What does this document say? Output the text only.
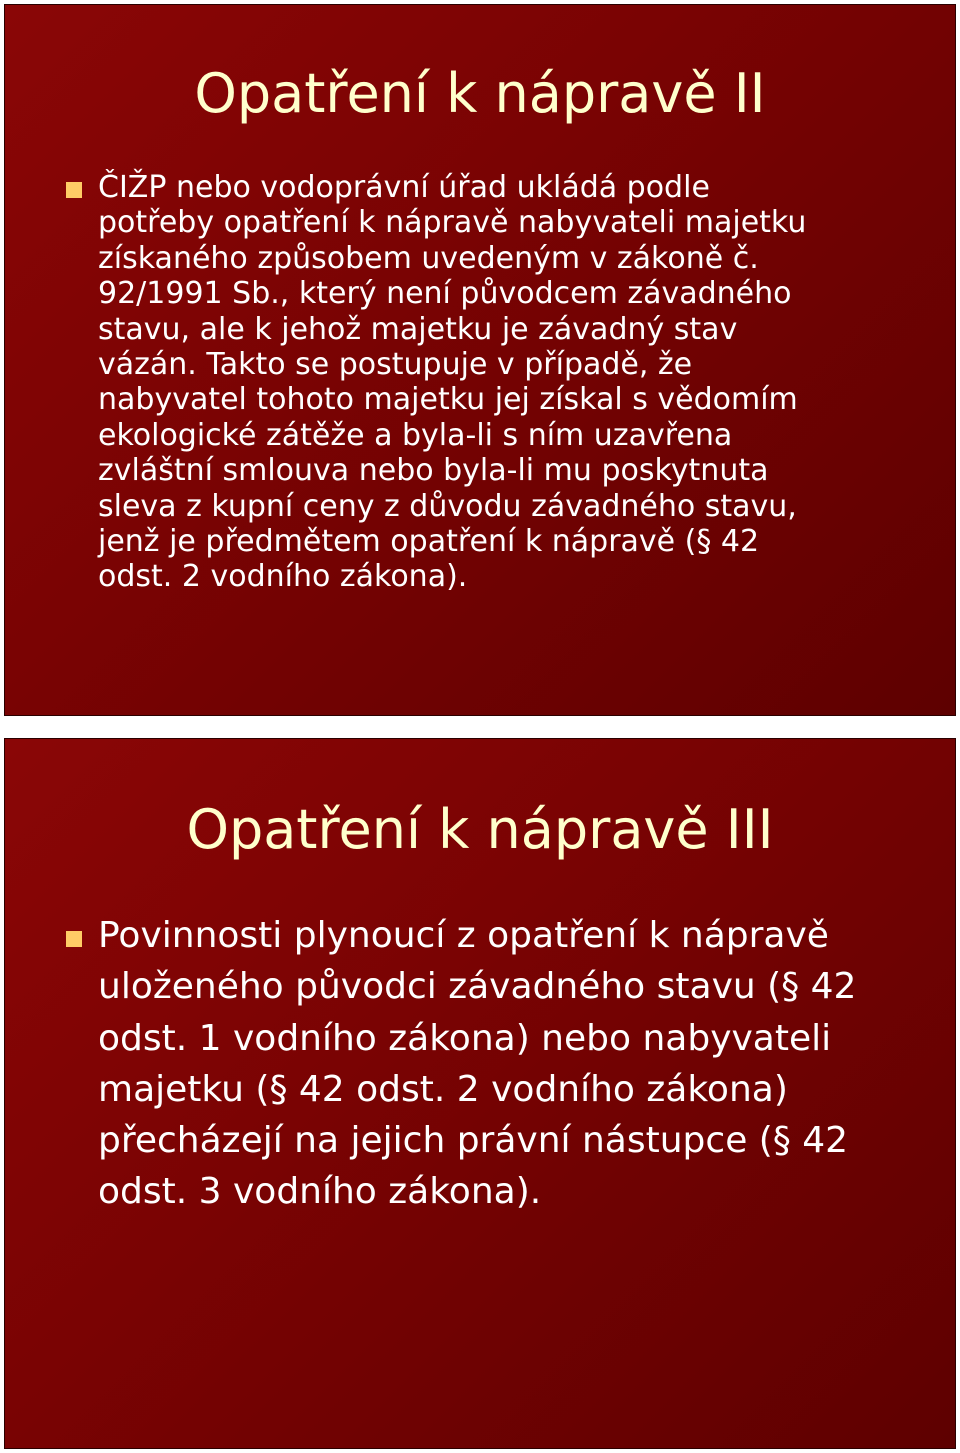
Opatření k nápravě II
ČIŽP nebo vodoprávní úřad ukládá podle
potřeby opatření k nápravě nabyvateli majetku
získaného způsobem uvedeným v zákoně č.
92/1991 Sb., který není původcem závadného
stavu, ale k jehož majetku je závadný stav
vázán. Takto se postupuje v případě, že
nabyvatel tohoto majetku jej získal s vědomím
ekologické zátěže a byla-li s ním uzavřena
zvláštní smlouva nebo byla-li mu poskytnuta
sleva z kupní ceny z důvodu závadného stavu,
jenž je předmětem opatření k nápravě (§ 42
odst. 2 vodního zákona).
Opatření k nápravě III
Povinnosti plynoucí z opatření k nápravě
uloženého původci závadného stavu (§ 42
odst. 1 vodního zákona) nebo nabyvateli
majetku (§ 42 odst. 2 vodního zákona)
přecházejí na jejich právní nástupce (§ 42
odst. 3 vodního zákona).
